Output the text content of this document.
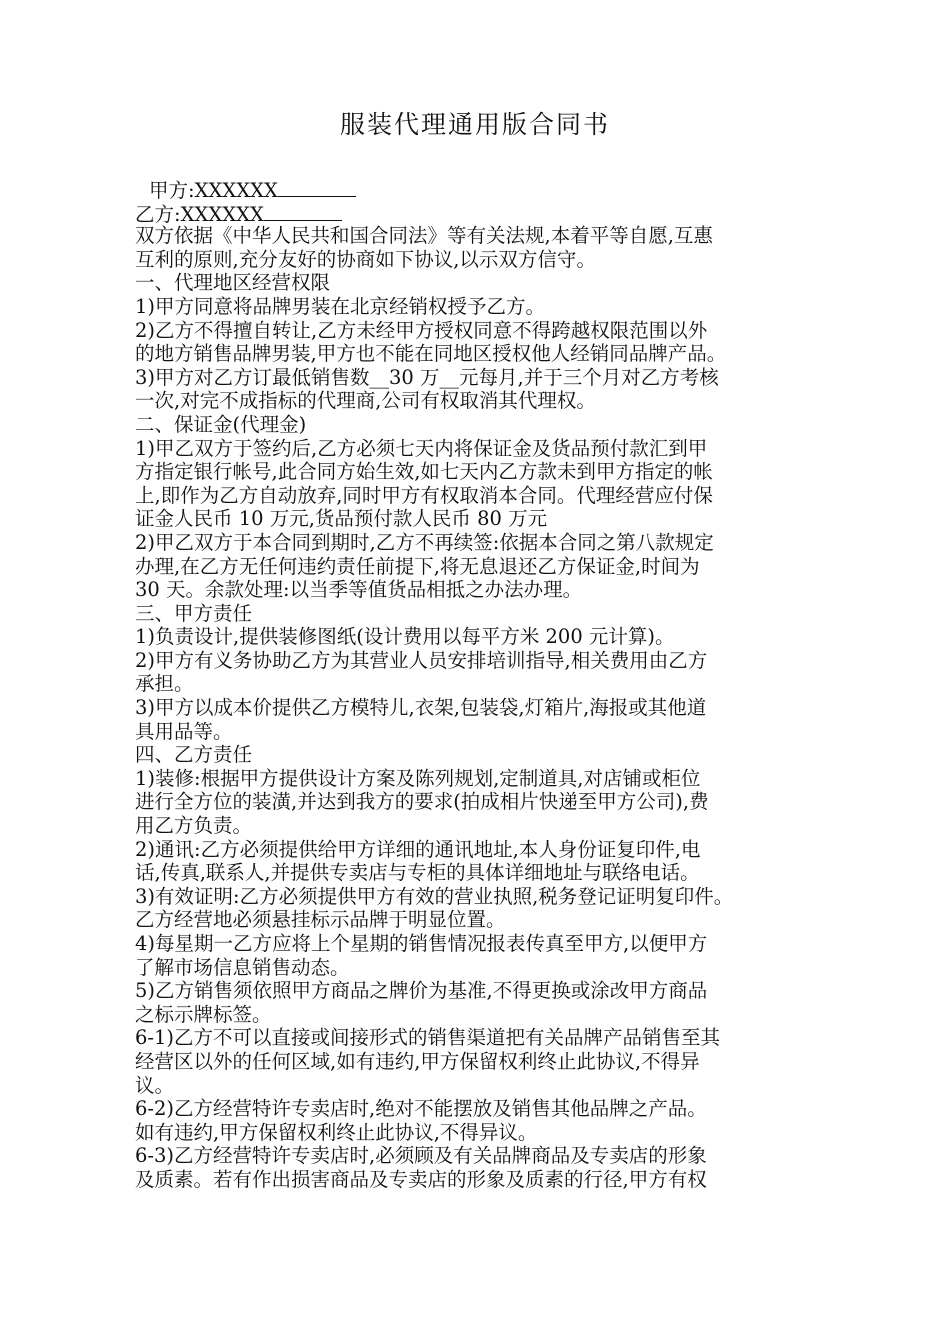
服装代理通用版合同书
甲方:XXXXXX
乙方:XXXXXX
双方依据《中华人民共和国合同法》等有关法规,本着平等自愿,互惠
互利的原则,充分友好的协商如下协议,以示双方信守。
一、代理地区经营权限
1)甲方同意将品牌男装在北京经销权授予乙方。
2)乙方不得擅自转让,乙方未经甲方授权同意不得跨越权限范围以外
的地方销售品牌男装,甲方也不能在同地区授权他人经销同品牌产品。
3)甲方对乙方订最低销售数__30 万__元每月,并于三个月对乙方考核
一次,对完不成指标的代理商,公司有权取消其代理权。
二、保证金(代理金)
1)甲乙双方于签约后,乙方必须七天内将保证金及货品预付款汇到甲
方指定银行帐号,此合同方始生效,如七天内乙方款未到甲方指定的帐
上,即作为乙方自动放弃,同时甲方有权取消本合同。代理经营应付保
证金人民币 10 万元,货品预付款人民币 80 万元
2)甲乙双方于本合同到期时,乙方不再续签:依据本合同之第八款规定
办理,在乙方无任何违约责任前提下,将无息退还乙方保证金,时间为
30 天。余款处理:以当季等值货品相抵之办法办理。
三、甲方责任
1)负责设计,提供装修图纸(设计费用以每平方米 200 元计算)。
2)甲方有义务协助乙方为其营业人员安排培训指导,相关费用由乙方
承担。
3)甲方以成本价提供乙方模特儿,衣架,包装袋,灯箱片,海报或其他道
具用品等。
四、乙方责任
1)装修:根据甲方提供设计方案及陈列规划,定制道具,对店铺或柜位
进行全方位的装潢,并达到我方的要求(拍成相片快递至甲方公司),费
用乙方负责。
2)通讯:乙方必须提供给甲方详细的通讯地址,本人身份证复印件,电
话,传真,联系人,并提供专卖店与专柜的具体详细地址与联络电话。
3)有效证明:乙方必须提供甲方有效的营业执照,税务登记证明复印件。
乙方经营地必须悬挂标示品牌于明显位置。
4)每星期一乙方应将上个星期的销售情况报表传真至甲方,以便甲方
了解市场信息销售动态。
5)乙方销售须依照甲方商品之牌价为基准,不得更换或涂改甲方商品
之标示牌标签。
6-1)乙方不可以直接或间接形式的销售渠道把有关品牌产品销售至其
经营区以外的任何区域,如有违约,甲方保留权利终止此协议,不得异
议。
6-2)乙方经营特许专卖店时,绝对不能摆放及销售其他品牌之产品。
如有违约,甲方保留权利终止此协议,不得异议。
6-3)乙方经营特许专卖店时,必须顾及有关品牌商品及专卖店的形象
及质素。若有作出损害商品及专卖店的形象及质素的行径,甲方有权
